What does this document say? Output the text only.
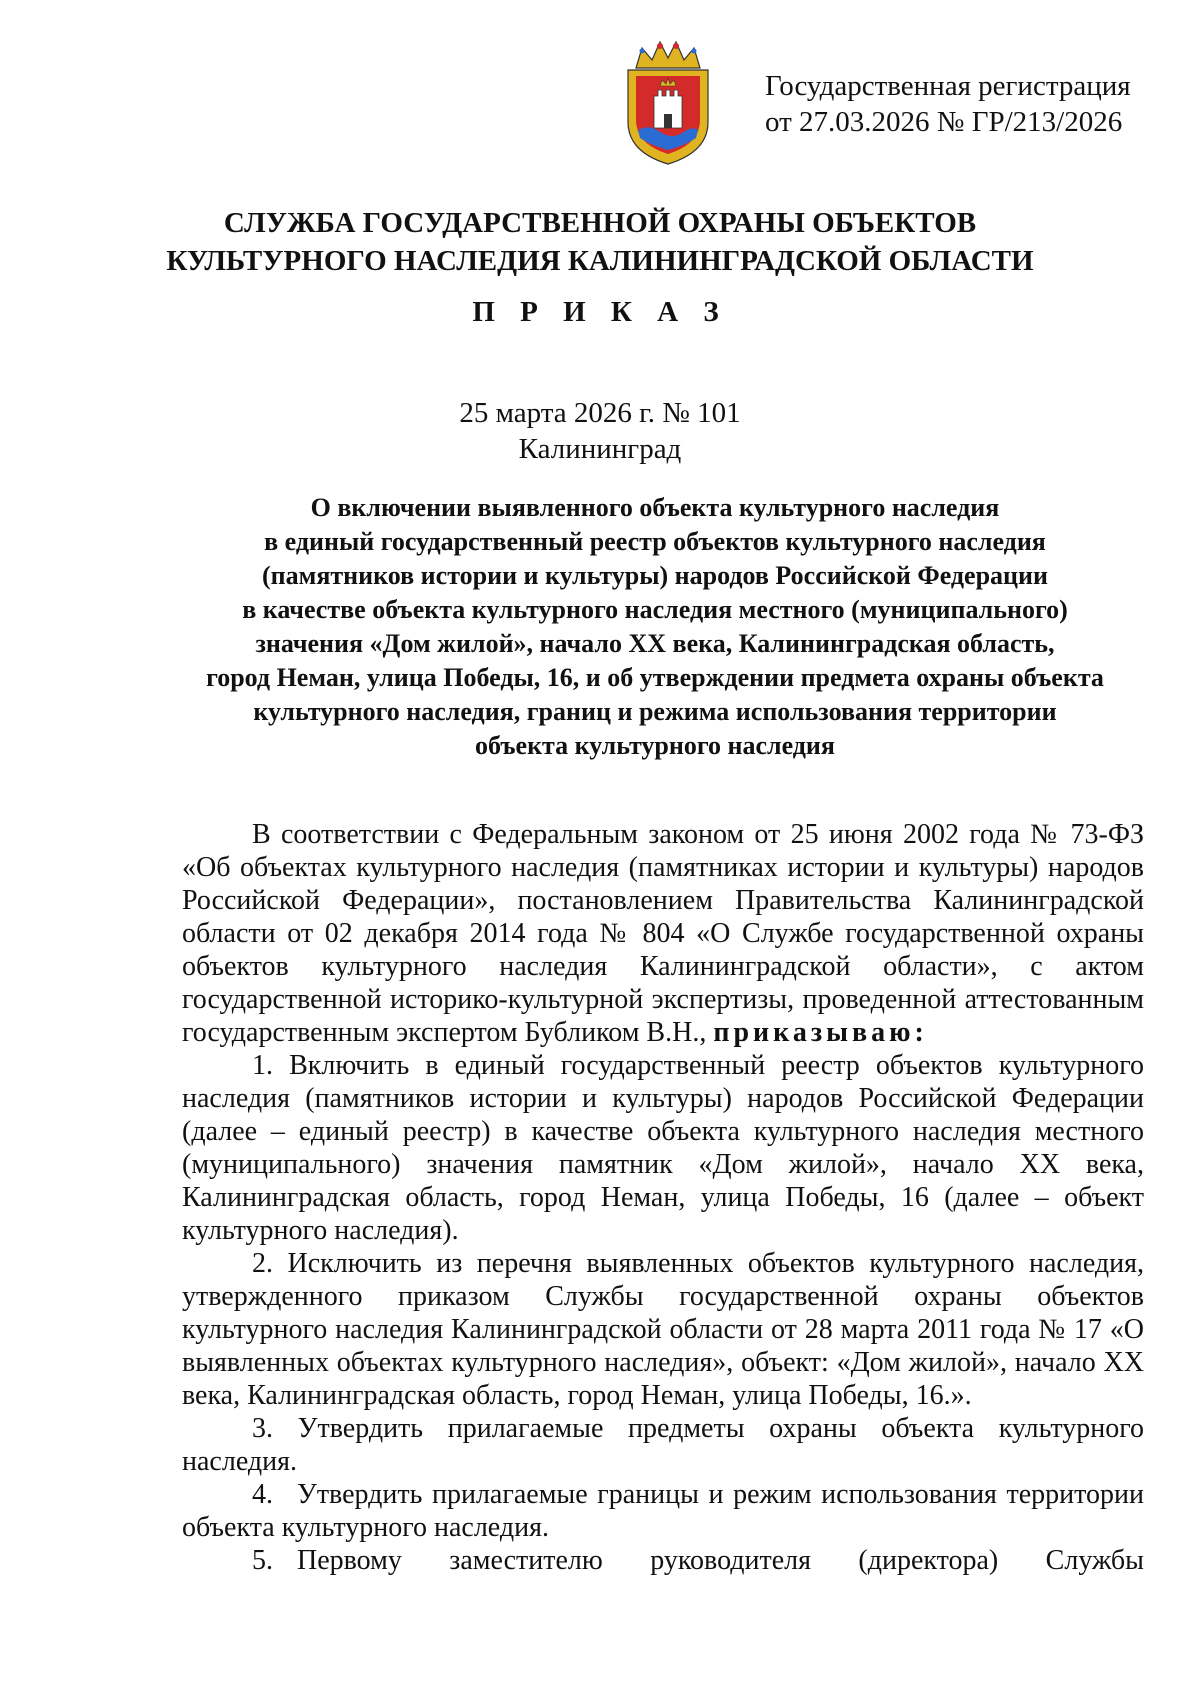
Государственная регистрация
от 27.03.2026 № ГР/213/2026
СЛУЖБА ГОСУДАРСТВЕННОЙ ОХРАНЫ ОБЪЕКТОВ
КУЛЬТУРНОГО НАСЛЕДИЯ КАЛИНИНГРАДСКОЙ ОБЛАСТИ
П Р И К А З
25 марта 2026 г. № 101
Калининград
О включении выявленного объекта культурного наследия
в единый государственный реестр объектов культурного наследия
(памятников истории и культуры) народов Российской Федерации
в качестве объекта культурного наследия местного (муниципального)
значения «Дом жилой», начало XX века, Калининградская область,
город Неман, улица Победы, 16, и об утверждении предмета охраны объекта
культурного наследия, границ и режима использования территории
объекта культурного наследия

В соответствии с Федеральным законом от 25 июня 2002 года № 73-ФЗ «Об объектах культурного наследия (памятниках истории и культуры) народов Российской Федерации», постановлением Правительства Калининградской области от 02 декабря 2014 года № 804 «О Службе государственной охраны объектов культурного наследия Калининградской области», с актом государственной историко-культурной экспертизы, проведенной аттестованным государственным экспертом Бубликом В.Н., приказываю:

1. Включить в единый государственный реестр объектов культурного наследия (памятников истории и культуры) народов Российской Федерации (далее – единый реестр) в качестве объекта культурного наследия местного (муниципального) значения памятник «Дом жилой», начало XX века, Калининградская область, город Неман, улица Победы, 16 (далее – объект культурного наследия).

2. Исключить из перечня выявленных объектов культурного наследия, утвержденного приказом Службы государственной охраны объектов культурного наследия Калининградской области от 28 марта 2011 года № 17 «О выявленных объектах культурного наследия», объект: «Дом жилой», начало XX века, Калининградская область, город Неман, улица Победы, 16.».

3. Утвердить прилагаемые предметы охраны объекта культурного наследия.

4. Утвердить прилагаемые границы и режим использования территории объекта культурного наследия.

5. Первому заместителю руководителя (директора) Службы
